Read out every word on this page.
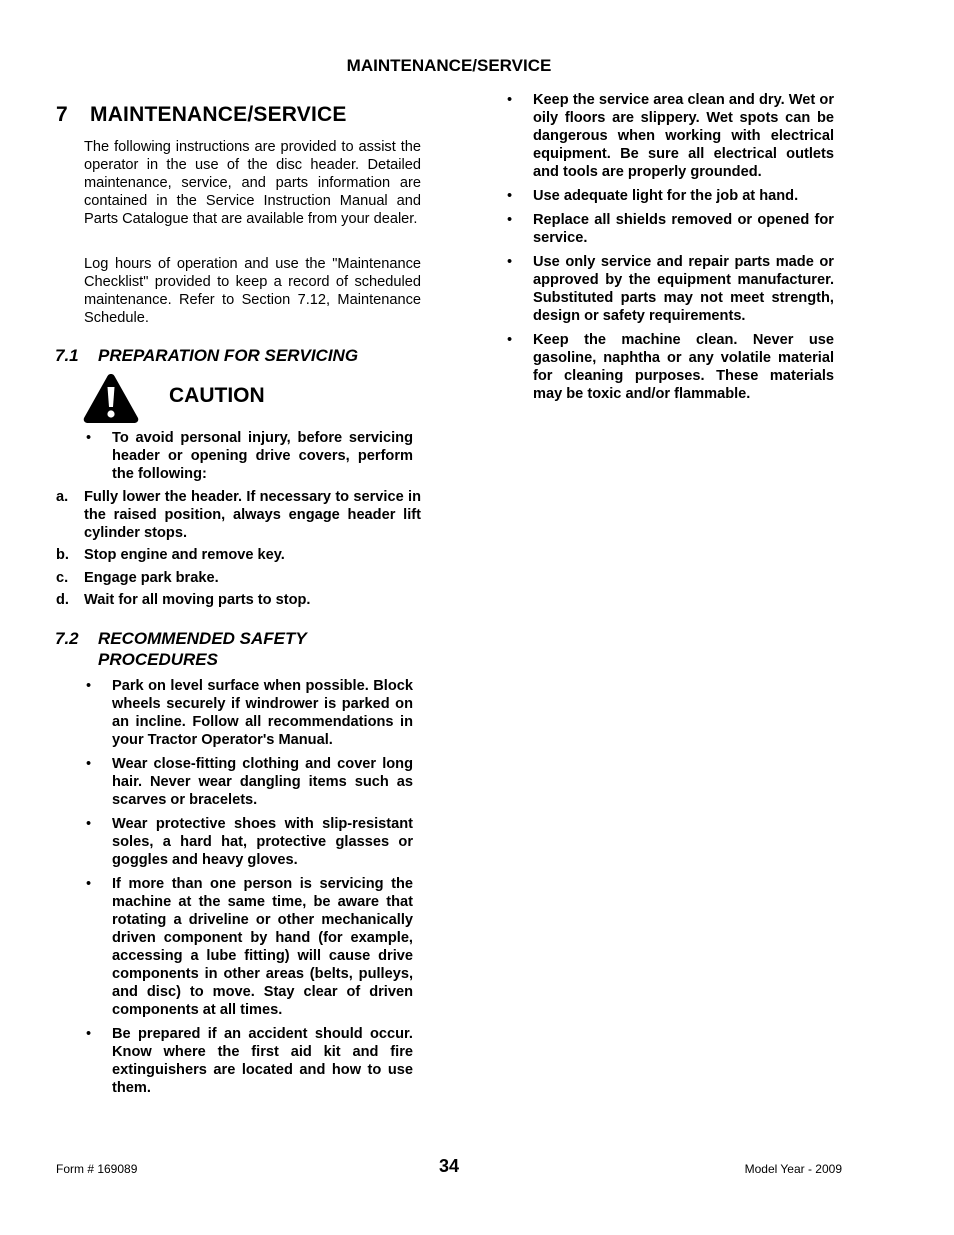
MAINTENANCE/SERVICE
7 MAINTENANCE/SERVICE
The following instructions are provided to assist the operator in the use of the disc header. Detailed maintenance, service, and parts information are contained in the Service Instruction Manual and Parts Catalogue that are available from your dealer.
Log hours of operation and use the "Maintenance Checklist" provided to keep a record of scheduled maintenance. Refer to Section 7.12, Maintenance Schedule.
7.1 PREPARATION FOR SERVICING
CAUTION
• To avoid personal injury, before servicing header or opening drive covers, perform the following:
a. Fully lower the header. If necessary to service in the raised position, always engage header lift cylinder stops.
b. Stop engine and remove key.
c. Engage park brake.
d. Wait for all moving parts to stop.
7.2 RECOMMENDED SAFETY
PROCEDURES
• Park on level surface when possible. Block wheels securely if windrower is parked on an incline. Follow all recommendations in your Tractor Operator's Manual.
• Wear close-fitting clothing and cover long hair. Never wear dangling items such as scarves or bracelets.
• Wear protective shoes with slip-resistant soles, a hard hat, protective glasses or goggles and heavy gloves.
• If more than one person is servicing the machine at the same time, be aware that rotating a driveline or other mechanically driven component by hand (for example, accessing a lube fitting) will cause drive components in other areas (belts, pulleys, and disc) to move. Stay clear of driven components at all times.
• Be prepared if an accident should occur. Know where the first aid kit and fire extinguishers are located and how to use them.
• Keep the service area clean and dry. Wet or oily floors are slippery. Wet spots can be dangerous when working with electrical equipment. Be sure all electrical outlets and tools are properly grounded.
• Use adequate light for the job at hand.
• Replace all shields removed or opened for service.
• Use only service and repair parts made or approved by the equipment manufacturer. Substituted parts may not meet strength, design or safety requirements.
• Keep the machine clean. Never use gasoline, naphtha or any volatile material for cleaning purposes. These materials may be toxic and/or flammable.
Form # 169089	34	Model Year - 2009
